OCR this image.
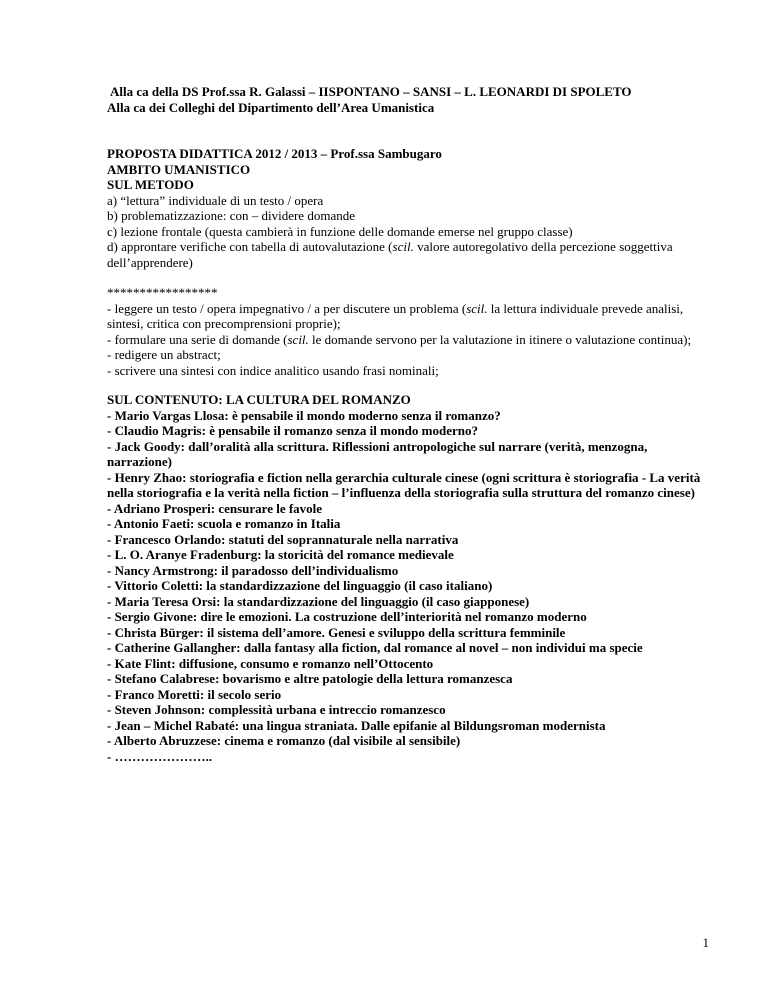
Alla ca della DS Prof.ssa R. Galassi – IISPONTANO – SANSI – L. LEONARDI DI SPOLETO
Alla ca dei Colleghi del Dipartimento dell’Area Umanistica
PROPOSTA DIDATTICA 2012 / 2013 – Prof.ssa Sambugaro
AMBITO UMANISTICO
SUL METODO
a) “lettura” individuale di un testo / opera
b) problematizzazione: con – dividere domande
c) lezione frontale (questa cambierà in funzione delle domande emerse nel gruppo classe)
d) approntare verifiche con tabella di autovalutazione (scil. valore autoregolativo della percezione soggettiva dell’apprendere)
*****************
- leggere un testo / opera impegnativo / a per discutere un problema (scil. la lettura individuale prevede analisi, sintesi, critica con precomprensioni proprie);
- formulare una serie di domande (scil. le domande servono per la valutazione in itinere o valutazione continua);
- redigere un abstract;
- scrivere una sintesi con indice analitico usando frasi nominali;
SUL CONTENUTO: LA CULTURA DEL ROMANZO
- Mario Vargas Llosa: è pensabile il mondo moderno senza il romanzo?
- Claudio Magris: è pensabile il romanzo senza il mondo moderno?
- Jack Goody: dall’oralità alla scrittura. Riflessioni antropologiche sul narrare (verità, menzogna, narrazione)
- Henry Zhao: storiografia e fiction nella gerarchia culturale cinese (ogni scrittura è storiografia - La verità nella storiografia e la verità nella fiction – l’influenza della storiografia sulla struttura del romanzo cinese)
- Adriano Prosperi: censurare le favole
- Antonio Faeti: scuola e romanzo in Italia
- Francesco Orlando: statuti del soprannaturale nella narrativa
- L. O. Aranye Fradenburg: la storicità del romance medievale
- Nancy Armstrong: il paradosso dell’individualismo
- Vittorio Coletti: la standardizzazione del linguaggio (il caso italiano)
- Maria Teresa Orsi: la standardizzazione del linguaggio (il caso giapponese)
- Sergio Givone: dire le emozioni. La costruzione dell’interiorità nel romanzo moderno
- Christa Bürger: il sistema dell’amore. Genesi e sviluppo della scrittura femminile
- Catherine Gallangher: dalla fantasy alla fiction, dal romance al novel – non individui ma specie
- Kate Flint: diffusione, consumo e romanzo nell’Ottocento
- Stefano Calabrese: bovarismo e altre patologie della lettura romanzesca
- Franco Moretti: il secolo serio
- Steven Johnson: complessità urbana e intreccio romanzesco
- Jean – Michel Rabaté: una lingua straniata. Dalle epifanie al Bildungsroman modernista
- Alberto Abruzzese: cinema e romanzo (dal visibile al sensibile)
- …………………..
1
